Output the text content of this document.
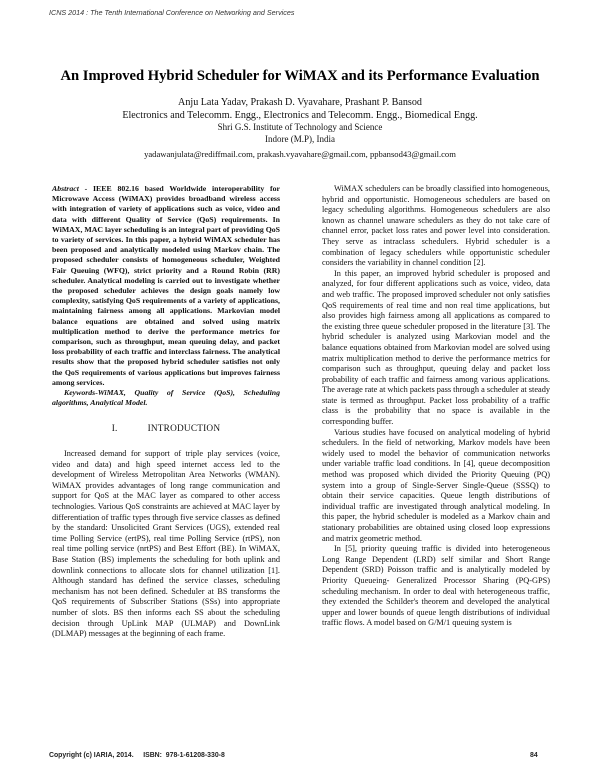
ICNS 2014 : The Tenth International Conference on Networking and Services
An Improved Hybrid Scheduler for WiMAX and its Performance Evaluation
Anju Lata Yadav, Prakash D. Vyavahare, Prashant P. Bansod
Electronics and Telecomm. Engg., Electronics and Telecomm. Engg., Biomedical Engg.
Shri G.S. Institute of Technology and Science
Indore (M.P), India
yadawanjulata@rediffmail.com, prakash.vyavahare@gmail.com, ppbansod43@gmail.com

Abstract - IEEE 802.16 based Worldwide interoperability for Microwave Access (WiMAX) provides broadband wireless access with integration of variety of applications such as voice, video and data with different Quality of Service (QoS) requirements. In WiMAX, MAC layer scheduling is an integral part of providing QoS to variety of services. In this paper, a hybrid WiMAX scheduler has been proposed and analytically modeled using Markov chain. The proposed scheduler consists of homogeneous scheduler, Weighted Fair Queuing (WFQ), strict priority and a Round Robin (RR) scheduler. Analytical modeling is carried out to investigate whether the proposed scheduler achieves the design goals namely low complexity, satisfying QoS requirements of a variety of applications, maintaining fairness among all applications. Markovian model balance equations are obtained and solved using matrix multiplication method to derive the performance metrics for comparison, such as throughput, mean queuing delay, and packet loss probability of each traffic and interclass fairness. The analytical results show that the proposed hybrid scheduler satisfies not only the QoS requirements of various applications but improves fairness among services.

Keywords-WiMAX, Quality of Service (QoS), Scheduling algorithms, Analytical Model.

I.	INTRODUCTION

Increased demand for support of triple play services (voice, video and data) and high speed internet access led to the development of Wireless Metropolitan Area Networks (WMAN). WiMAX provides advantages of long range communication and support for QoS at the MAC layer as compared to other access technologies. Various QoS constraints are achieved at MAC layer by differentiation of traffic types through five service classes as defined by the standard: Unsolicited Grant Services (UGS), extended real time Polling Service (ertPS), real time Polling Service (rtPS), non real time polling service (nrtPS) and Best Effort (BE). In WiMAX, Base Station (BS) implements the scheduling for both uplink and downlink connections to allocate slots for channel utilization [1]. Although standard has defined the service classes, scheduling mechanism has not been defined. Scheduler at BS transforms the QoS requirements of Subscriber Stations (SSs) into appropriate number of slots. BS then informs each SS about the scheduling decision through UpLink MAP (ULMAP) and DownLink (DLMAP) messages at the beginning of each frame.

WiMAX schedulers can be broadly classified into homogeneous, hybrid and opportunistic. Homogeneous schedulers are based on legacy scheduling algorithms. Homogeneous schedulers are also known as channel unaware schedulers as they do not take care of channel error, packet loss rates and power level into consideration. They serve as intraclass schedulers. Hybrid scheduler is a combination of legacy schedulers while opportunistic scheduler considers the variability in channel condition [2].

In this paper, an improved hybrid scheduler is proposed and analyzed, for four different applications such as voice, video, data and web traffic. The proposed improved scheduler not only satisfies QoS requirements of real time and non real time applications, but also provides high fairness among all applications as compared to the existing three queue scheduler proposed in the literature [3]. The hybrid scheduler is analyzed using Markovian model and the balance equations obtained from Markovian model are solved using matrix multiplication method to derive the performance metrics for comparison such as throughput, queuing delay and packet loss probability of each traffic and fairness among various applications. The average rate at which packets pass through a scheduler at steady state is termed as throughput. Packet loss probability of a traffic class is the probability that no space is available in the corresponding buffer.

Various studies have focused on analytical modeling of hybrid schedulers. In the field of networking, Markov models have been widely used to model the behavior of communication networks under variable traffic load conditions. In [4], queue decomposition method was proposed which divided the Priority Queuing (PQ) system into a group of Single-Server Single-Queue (SSSQ) to obtain their service capacities. Queue length distributions of individual traffic are investigated through analytical modeling. In this paper, the hybrid scheduler is modeled as a Markov chain and stationary probabilities are obtained using closed loop expressions and matrix geometric method.

In [5], priority queuing traffic is divided into heterogeneous Long Range Dependent (LRD) self similar and Short Range Dependent (SRD) Poisson traffic and is analytically modeled by Priority Queueing- Generalized Processor Sharing (PQ-GPS) scheduling mechanism. In order to deal with heterogeneous traffic, they extended the Schilder's theorem and developed the analytical upper and lower bounds of queue length distributions of individual traffic flows. A model based on G/M/1 queuing system is

Copyright (c) IARIA, 2014.     ISBN:  978-1-61208-330-8	84
